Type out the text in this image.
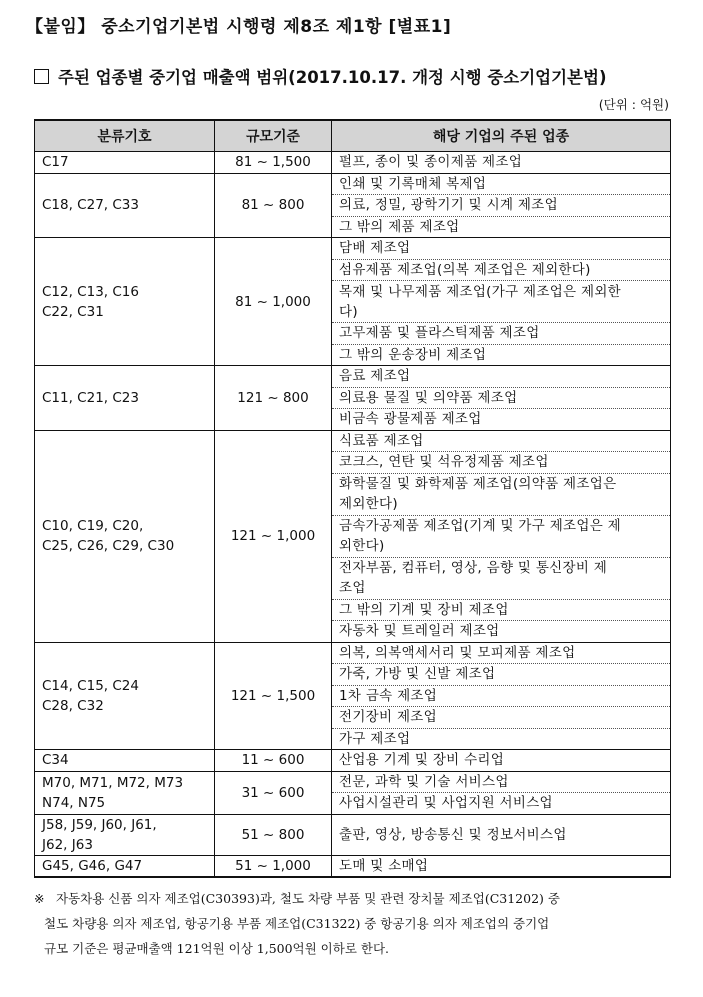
【붙임】 중소기업기본법 시행령 제8조 제1항 [별표1]
주된 업종별 중기업 매출액 범위(2017.10.17. 개정 시행 중소기업기본법)
(단위 : 억원)
분류기호	규모기준	해당 기업의 주된 업종

C17	81 ~ 1,500	펄프, 종이 및 종이제품 제조업

C18, C27, C33	81 ~ 800	인쇄 및 기록매체 복제업

		의료, 정밀, 광학기기 및 시계 제조업

		그 밖의 제품 제조업

C12, C13, C16
C22, C31	81 ~ 1,000	담배 제조업

		섬유제품 제조업(의복 제조업은 제외한다)

		목재 및 나무제품 제조업(가구 제조업은 제외한
다)

		고무제품 및 플라스틱제품 제조업

		그 밖의 운송장비 제조업

C11, C21, C23	121 ~ 800	음료 제조업

		의료용 물질 및 의약품 제조업

		비금속 광물제품 제조업

C10, C19, C20,
C25, C26, C29, C30	121 ~ 1,000	식료품 제조업

		코크스, 연탄 및 석유정제품 제조업

		화학물질 및 화학제품 제조업(의약품 제조업은
제외한다)

		금속가공제품 제조업(기계 및 가구 제조업은 제
외한다)

		전자부품, 컴퓨터, 영상, 음향 및 통신장비 제
조업

		그 밖의 기계 및 장비 제조업

		자동차 및 트레일러 제조업

C14, C15, C24
C28, C32	121 ~ 1,500	의복, 의복액세서리 및 모피제품 제조업

		가죽, 가방 및 신발 제조업

		1차 금속 제조업

		전기장비 제조업

		가구 제조업

C34	11 ~ 600	산업용 기계 및 장비 수리업

M70, M71, M72, M73
N74, N75	31 ~ 600	전문, 과학 및 기술 서비스업

		사업시설관리 및 사업지원 서비스업

J58, J59, J60, J61,
J62, J63	51 ~ 800	출판, 영상, 방송통신 및 정보서비스업

G45, G46, G47	51 ~ 1,000	도매 및 소매업
※ 자동차용 신품 의자 제조업(C30393)과, 철도 차량 부품 및 관련 장치물 제조업(C31202) 중
철도 차량용 의자 제조업, 항공기용 부품 제조업(C31322) 중 항공기용 의자 제조업의 중기업
규모 기준은 평균매출액 121억원 이상 1,500억원 이하로 한다.
